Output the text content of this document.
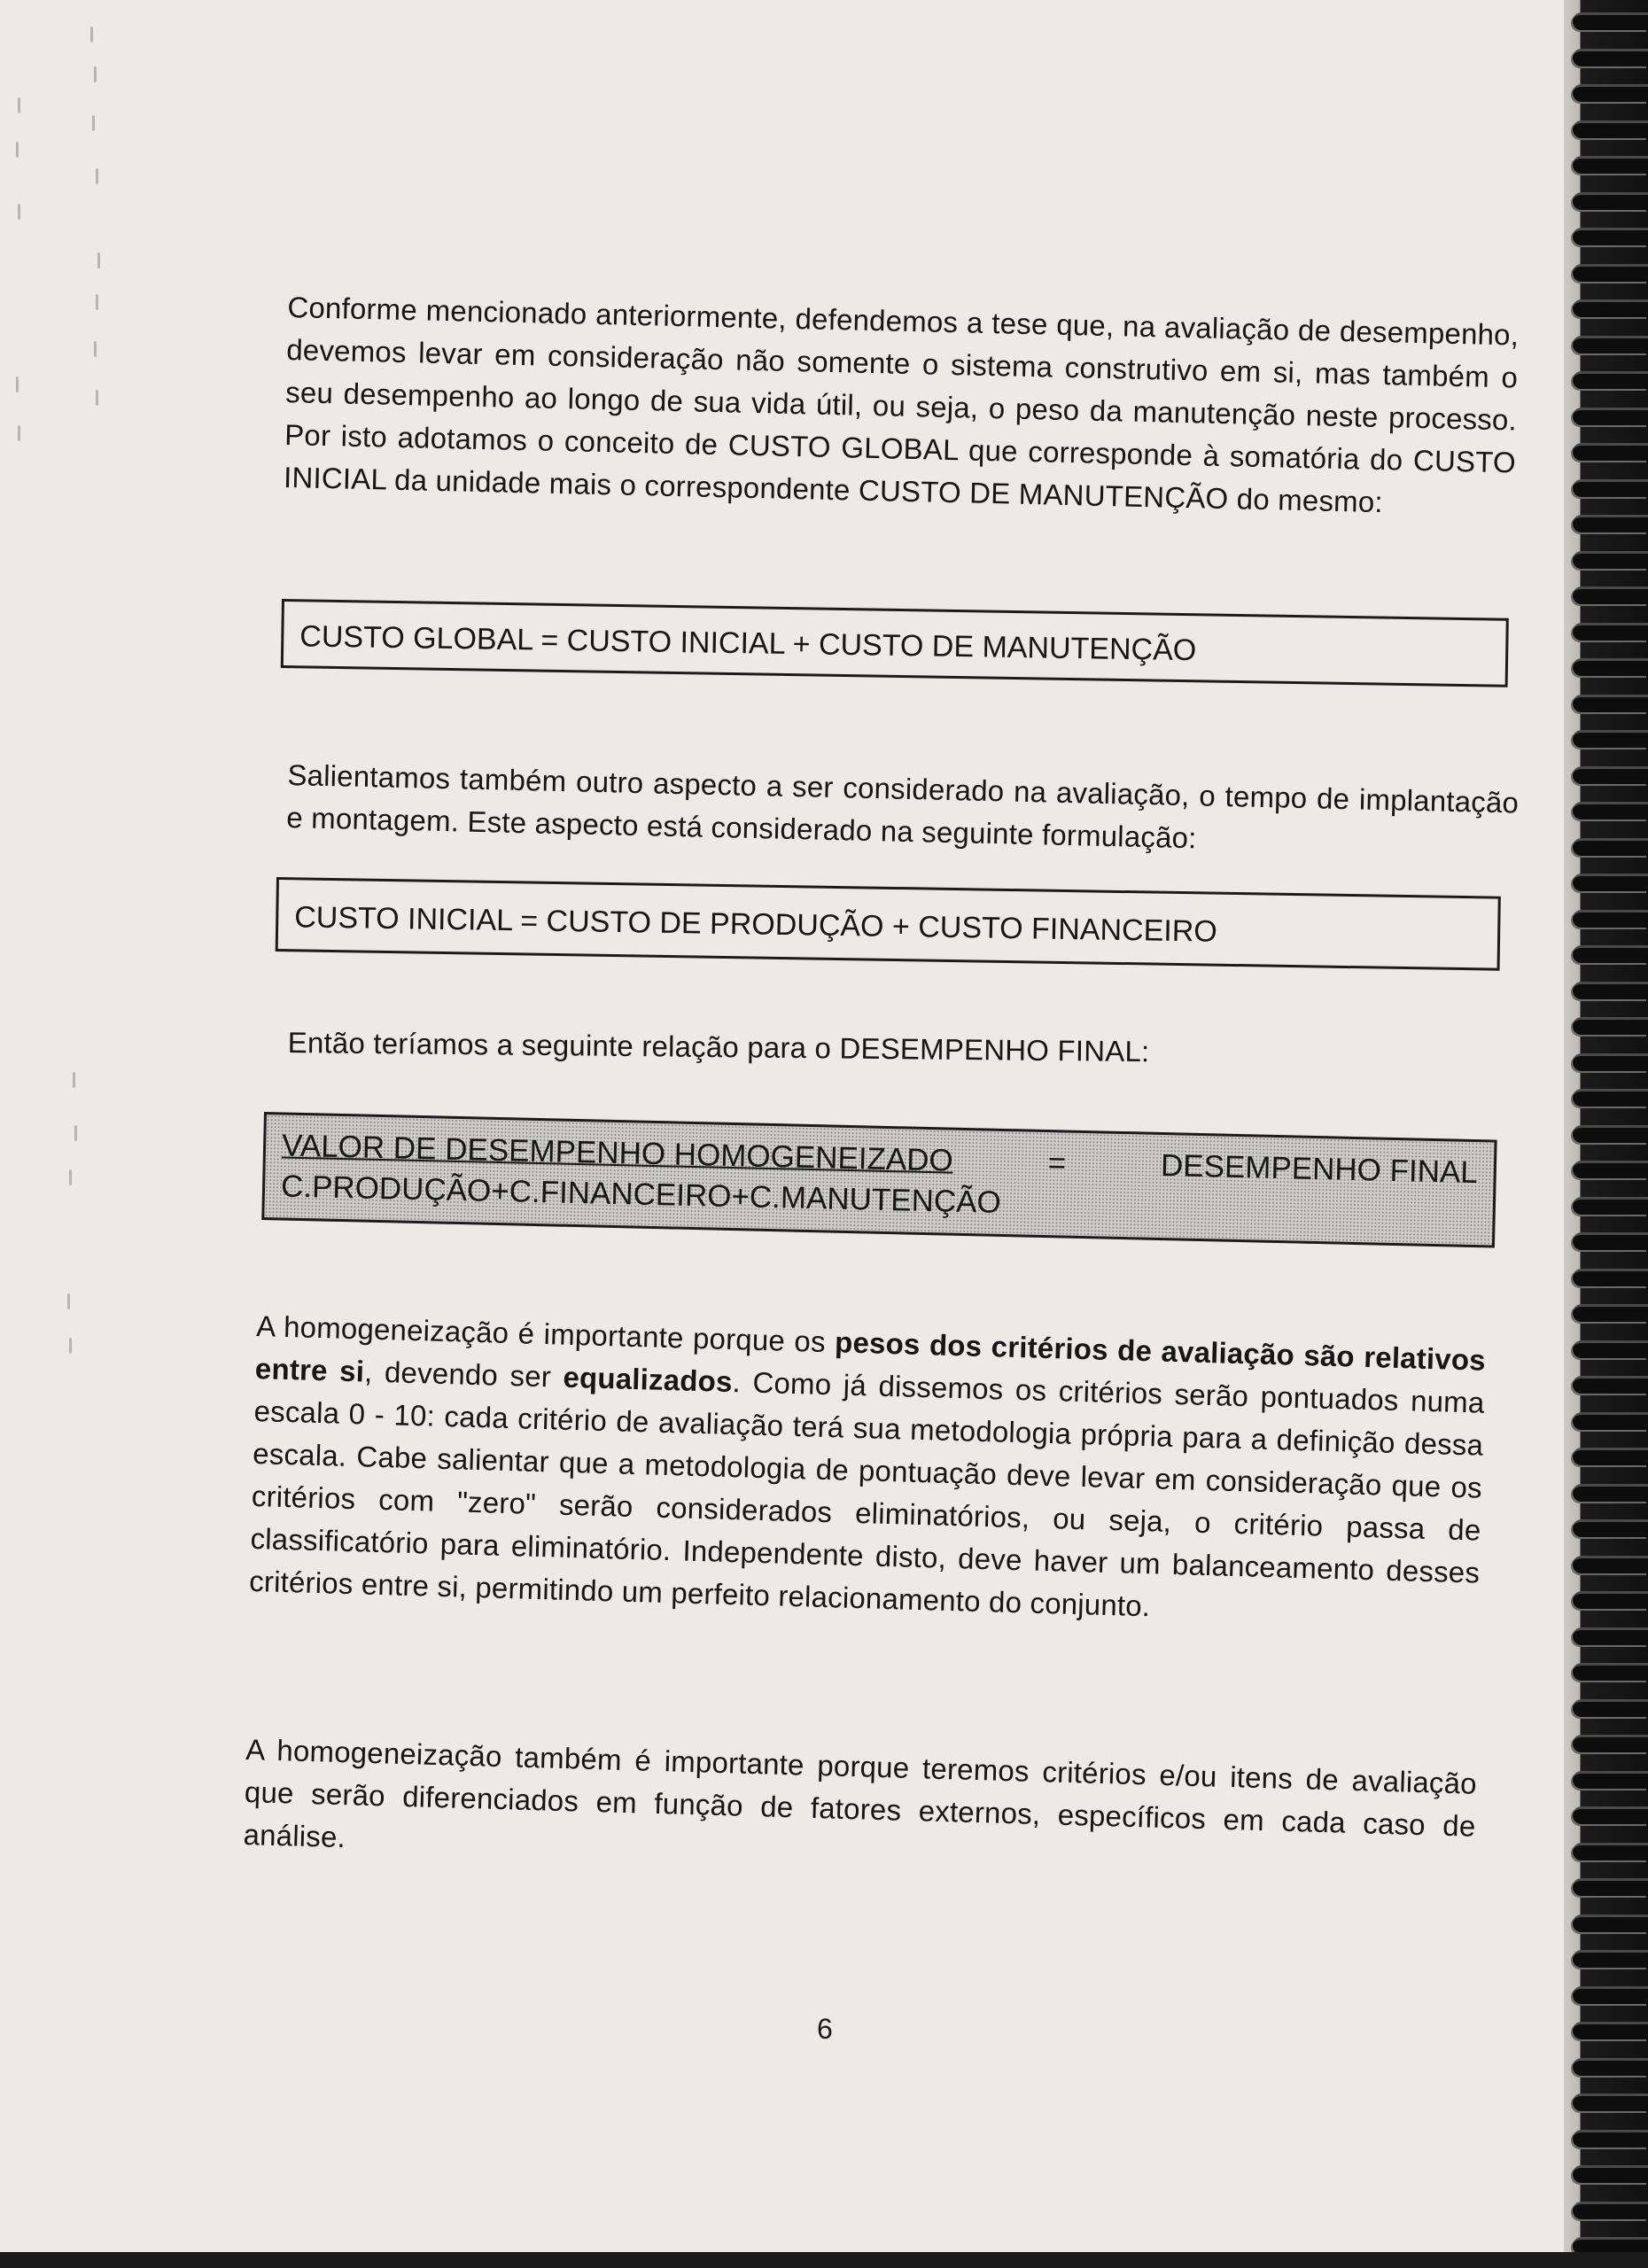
Conforme mencionado anteriormente, defendemos a tese que, na avaliação de desempenho, devemos levar em consideração não somente o sistema construtivo em si, mas também o seu desempenho ao longo de sua vida útil, ou seja, o peso da manutenção neste processo. Por isto adotamos o conceito de CUSTO GLOBAL que corresponde à somatória do CUSTO INICIAL da unidade mais o correspondente CUSTO DE MANUTENÇÃO do mesmo:

CUSTO GLOBAL = CUSTO INICIAL + CUSTO DE MANUTENÇÃO

Salientamos também outro aspecto a ser considerado na avaliação, o tempo de implantação e montagem. Este aspecto está considerado na seguinte formulação:

CUSTO INICIAL = CUSTO DE PRODUÇÃO + CUSTO FINANCEIRO

Então teríamos a seguinte relação para o DESEMPENHO FINAL:

VALOR DE DESEMPENHO HOMOGENEIZADO	=	DESEMPENHO FINAL
C.PRODUÇÃO+C.FINANCEIRO+C.MANUTENÇÃO

A homogeneização é importante porque os pesos dos critérios de avaliação são relativos entre si, devendo ser equalizados. Como já dissemos os critérios serão pontuados numa escala 0 - 10: cada critério de avaliação terá sua metodologia própria para a definição dessa escala. Cabe salientar que a metodologia de pontuação deve levar em consideração que os critérios com "zero" serão considerados eliminatórios, ou seja, o critério passa de classificatório para eliminatório. Independente disto, deve haver um balanceamento desses critérios entre si, permitindo um perfeito relacionamento do conjunto.

A homogeneização também é importante porque teremos critérios e/ou itens de avaliação que serão diferenciados em função de fatores externos, específicos em cada caso de análise.

6
